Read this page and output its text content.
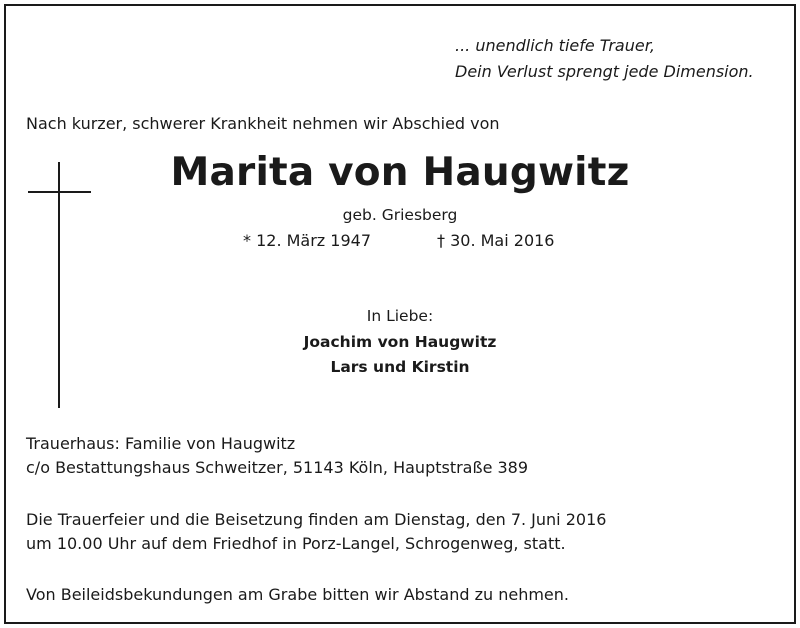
... unendlich tiefe Trauer,
Dein Verlust sprengt jede Dimension.
Nach kurzer, schwerer Krankheit nehmen wir Abschied von
Marita von Haugwitz
geb. Griesberg
* 12. März 1947	† 30. Mai 2016
In Liebe:
Joachim von Haugwitz
Lars und Kirstin
Trauerhaus: Familie von Haugwitz
c/o Bestattungshaus Schweitzer, 51143 Köln, Hauptstraße 389
Die Trauerfeier und die Beisetzung finden am Dienstag, den 7. Juni 2016
um 10.00 Uhr auf dem Friedhof in Porz-Langel, Schrogenweg, statt.
Von Beileidsbekundungen am Grabe bitten wir Abstand zu nehmen.
